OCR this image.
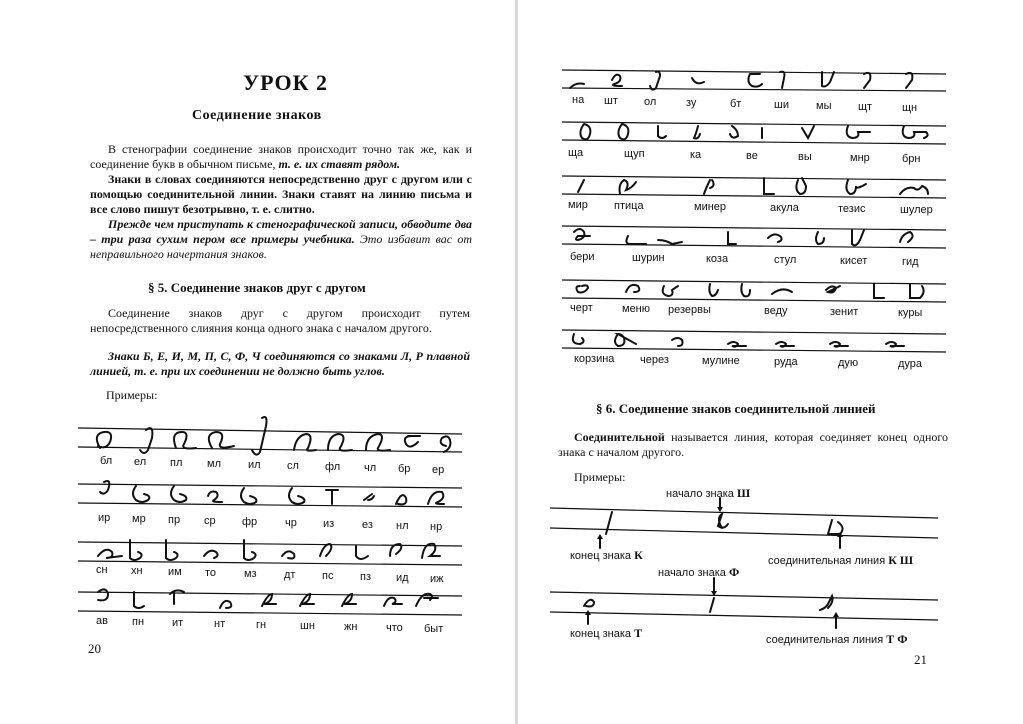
УРОК 2
Соединение знаков
В стенографии соединение знаков происходит точно так же, как и соединение букв в обычном письме, т. е. их ставят рядом.
Знаки в словах соединяются непосредственно друг с другом или с помощью соединительной линии. Знаки ставят на линию письма и все слово пишут безотрывно, т. е. слитно.
Прежде чем приступать к стенографической записи, обводите два – три раза сухим пером все примеры учебника. Это избавит вас от неправильного начертания знаков.
§ 5. Соединение знаков друг с другом
Соединение знаков друг с другом происходит путем непосредственного слияния конца одного знака с началом другого.
Знаки Б, Е, И, М, П, С, Ф, Ч соединяются со знаками Л, Р плавной линией, т. е. при их соединении не должно быть углов.
Примеры:
бл ел пл мл ил сл фл чл бр ер
ир мр пр ср фр	чр из	ез нл нр
сн хн им то	мз	дт пс пз ид иж
ав пн	ит	нт	гн	шн	жн	что быт
20
на шт ол	зу	бт	ши мы щт	щн
ща	щуп	ка	ве	вы	мнр	брн
мир птица	минер	акула	тезис	шулер
бери	шурин	коза	стул	кисет	гид
черт	меню резервы	веду	зенит	куры
корзина через	мулине	руда	дую	дура
§ 6. Соединение знаков соединительной линией
Соединительной называется линия, которая соединяет конец одного знака с началом другого.
Примеры:
начало знака Ш
конец знака К	соединительная линия К Ш
начало знака Ф
конец знака Т	соединительная линия Т Ф
21
